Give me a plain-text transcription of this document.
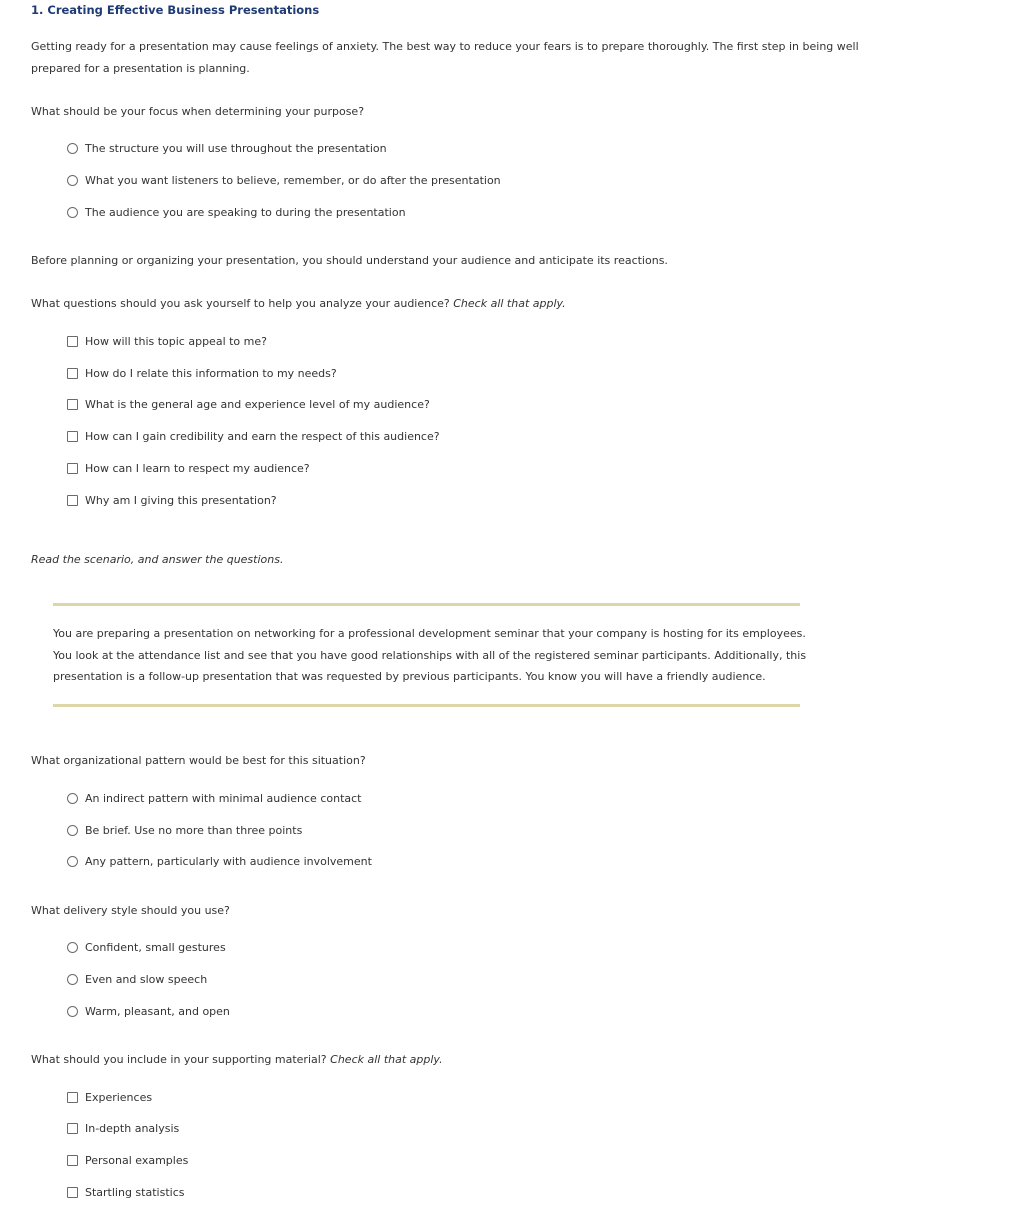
1. Creating Effective Business Presentations
Getting ready for a presentation may cause feelings of anxiety. The best way to reduce your fears is to prepare thoroughly. The first step in being well prepared for a presentation is planning.
What should be your focus when determining your purpose?
The structure you will use throughout the presentation
What you want listeners to believe, remember, or do after the presentation
The audience you are speaking to during the presentation
Before planning or organizing your presentation, you should understand your audience and anticipate its reactions.
What questions should you ask yourself to help you analyze your audience? Check all that apply.
How will this topic appeal to me?
How do I relate this information to my needs?
What is the general age and experience level of my audience?
How can I gain credibility and earn the respect of this audience?
How can I learn to respect my audience?
Why am I giving this presentation?
Read the scenario, and answer the questions.
You are preparing a presentation on networking for a professional development seminar that your company is hosting for its employees. You look at the attendance list and see that you have good relationships with all of the registered seminar participants. Additionally, this presentation is a follow-up presentation that was requested by previous participants. You know you will have a friendly audience.
What organizational pattern would be best for this situation?
An indirect pattern with minimal audience contact
Be brief. Use no more than three points
Any pattern, particularly with audience involvement
What delivery style should you use?
Confident, small gestures
Even and slow speech
Warm, pleasant, and open
What should you include in your supporting material? Check all that apply.
Experiences
In-depth analysis
Personal examples
Startling statistics
